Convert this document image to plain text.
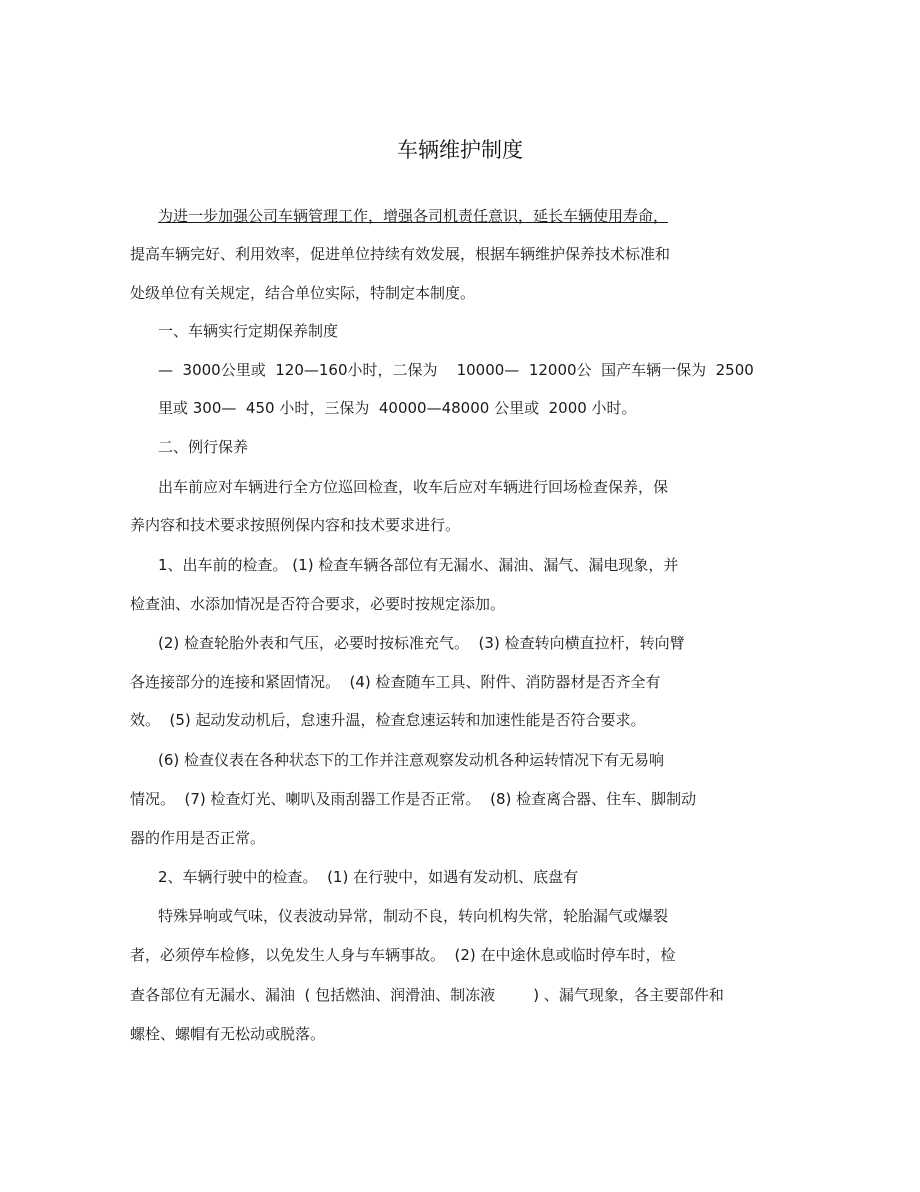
车辆维护制度
为进一步加强公司车辆管理工作，增强各司机责任意识，延长车辆使用寿命，
提高车辆完好、利用效率，促进单位持续有效发展，根据车辆维护保养技术标准和
处级单位有关规定，结合单位实际，特制定本制度。
一、车辆实行定期保养制度
—  3000公里或  120—160小时，二保为    10000—  12000公  国产车辆一保为  2500
里或 300—  450 小时，三保为  40000—48000 公里或  2000 小时。
二、例行保养
出车前应对车辆进行全方位巡回检查，收车后应对车辆进行回场检查保养，保
养内容和技术要求按照例保内容和技术要求进行。
1、出车前的检查。 (1) 检查车辆各部位有无漏水、漏油、漏气、漏电现象，并
检查油、水添加情况是否符合要求，必要时按规定添加。
(2) 检查轮胎外表和气压，必要时按标准充气。  (3) 检查转向横直拉杆，转向臂
各连接部分的连接和紧固情况。  (4) 检查随车工具、附件、消防器材是否齐全有
效。  (5) 起动发动机后，怠速升温，检查怠速运转和加速性能是否符合要求。
(6) 检查仪表在各种状态下的工作并注意观察发动机各种运转情况下有无易响
情况。  (7) 检查灯光、喇叭及雨刮器工作是否正常。  (8) 检查离合器、住车、脚制动
器的作用是否正常。
2、车辆行驶中的检查。  (1) 在行驶中，如遇有发动机、底盘有
特殊异响或气味，仪表波动异常，制动不良，转向机构失常，轮胎漏气或爆裂
者，必须停车检修，以免发生人身与车辆事故。  (2) 在中途休息或临时停车时，检
查各部位有无漏水、漏油  ( 包括燃油、润滑油、制冻液        ) 、漏气现象，各主要部件和
螺栓、螺帽有无松动或脱落。
